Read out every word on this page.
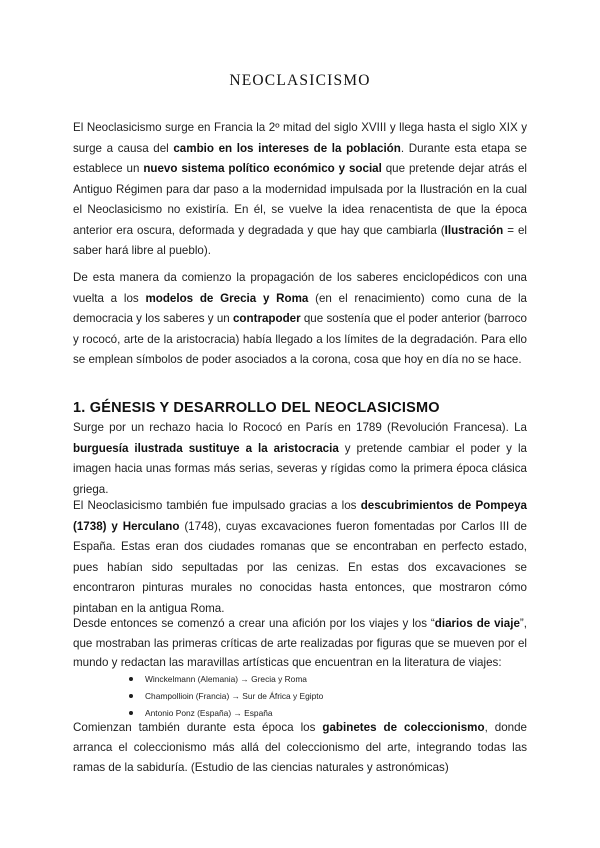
NEOCLASICISMO

El Neoclasicismo surge en Francia la 2º mitad del siglo XVIII y llega hasta el siglo XIX y surge a causa del cambio en los intereses de la población. Durante esta etapa se establece un nuevo sistema político económico y social que pretende dejar atrás el Antiguo Régimen para dar paso a la modernidad impulsada por la Ilustración en la cual el Neoclasicismo no existiría. En él, se vuelve la idea renacentista de que la época anterior era oscura, deformada y degradada y que hay que cambiarla (Ilustración = el saber hará libre al pueblo).

De esta manera da comienzo la propagación de los saberes enciclopédicos con una vuelta a los modelos de Grecia y Roma (en el renacimiento) como cuna de la democracia y los saberes y un contrapoder que sostenía que el poder anterior (barroco y rococó, arte de la aristocracia) había llegado a los límites de la degradación. Para ello se emplean símbolos de poder asociados a la corona, cosa que hoy en día no se hace.

1. GÉNESIS Y DESARROLLO DEL NEOCLASICISMO

Surge por un rechazo hacia lo Rococó en París en 1789 (Revolución Francesa). La burguesía ilustrada sustituye a la aristocracia y pretende cambiar el poder y la imagen hacia unas formas más serias, severas y rígidas como la primera época clásica griega.

El Neoclasicismo también fue impulsado gracias a los descubrimientos de Pompeya (1738) y Herculano (1748), cuyas excavaciones fueron fomentadas por Carlos III de España. Estas eran dos ciudades romanas que se encontraban en perfecto estado, pues habían sido sepultadas por las cenizas. En estas dos excavaciones se encontraron pinturas murales no conocidas hasta entonces, que mostraron cómo pintaban en la antigua Roma.

Desde entonces se comenzó a crear una afición por los viajes y los “diarios de viaje”, que mostraban las primeras críticas de arte realizadas por figuras que se mueven por el mundo y redactan las maravillas artísticas que encuentran en la literatura de viajes:

Winckelmann (Alemania) → Grecia y Roma
Champollioin (Francia) → Sur de África y Egipto
Antonio Ponz (España) → España

Comienzan también durante esta época los gabinetes de coleccionismo, donde arranca el coleccionismo más allá del coleccionismo del arte, integrando todas las ramas de la sabiduría. (Estudio de las ciencias naturales y astronómicas)
